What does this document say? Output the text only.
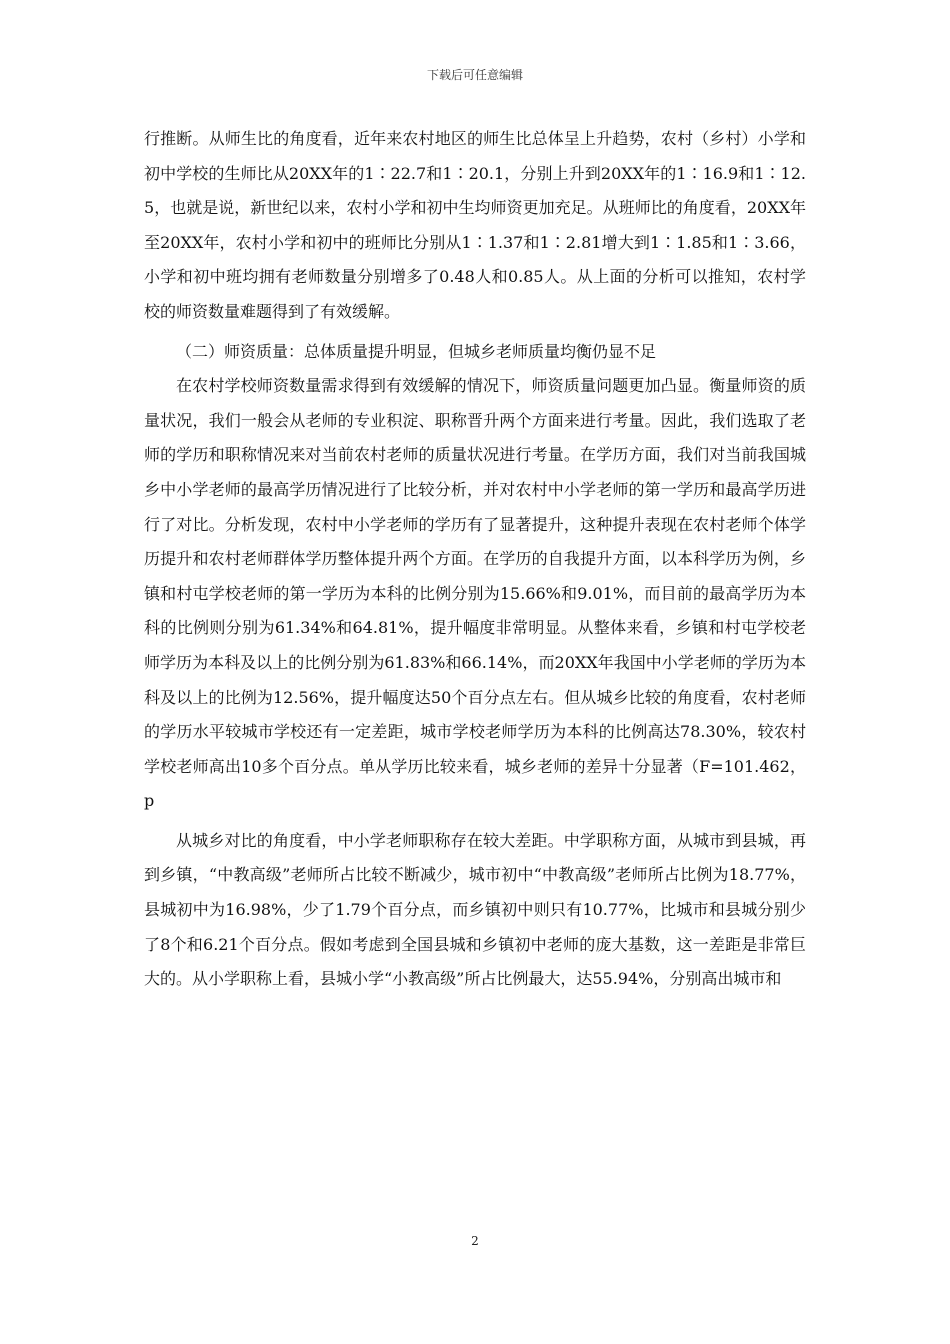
下载后可任意编辑

行推断。从师生比的角度看，近年来农村地区的师生比总体呈上升趋势，农村（乡村）小学和初中学校的生师比从20XX年的1∶22.7和1∶20.1，分别上升到20XX年的1∶16.9和1∶12.5，也就是说，新世纪以来，农村小学和初中生均师资更加充足。从班师比的角度看，20XX年至20XX年，农村小学和初中的班师比分别从1∶1.37和1∶2.81增大到1∶1.85和1∶3.66，小学和初中班均拥有老师数量分别增多了0.48人和0.85人。从上面的分析可以推知，农村学校的师资数量难题得到了有效缓解。

（二）师资质量：总体质量提升明显，但城乡老师质量均衡仍显不足

在农村学校师资数量需求得到有效缓解的情况下，师资质量问题更加凸显。衡量师资的质量状况，我们一般会从老师的专业积淀、职称晋升两个方面来进行考量。因此，我们选取了老师的学历和职称情况来对当前农村老师的质量状况进行考量。在学历方面，我们对当前我国城乡中小学老师的最高学历情况进行了比较分析，并对农村中小学老师的第一学历和最高学历进行了对比。分析发现，农村中小学老师的学历有了显著提升，这种提升表现在农村老师个体学历提升和农村老师群体学历整体提升两个方面。在学历的自我提升方面，以本科学历为例，乡镇和村屯学校老师的第一学历为本科的比例分别为15.66%和9.01%，而目前的最高学历为本科的比例则分别为61.34%和64.81%，提升幅度非常明显。从整体来看，乡镇和村屯学校老师学历为本科及以上的比例分别为61.83%和66.14%，而20XX年我国中小学老师的学历为本科及以上的比例为12.56%，提升幅度达50个百分点左右。但从城乡比较的角度看，农村老师的学历水平较城市学校还有一定差距，城市学校老师学历为本科的比例高达78.30%，较农村学校老师高出10多个百分点。单从学历比较来看，城乡老师的差异十分显著（F=101.462，p

从城乡对比的角度看，中小学老师职称存在较大差距。中学职称方面，从城市到县城，再到乡镇，“中教高级”老师所占比较不断减少，城市初中“中教高级”老师所占比例为18.77%，县城初中为16.98%，少了1.79个百分点，而乡镇初中则只有10.77%，比城市和县城分别少了8个和6.21个百分点。假如考虑到全国县城和乡镇初中老师的庞大基数，这一差距是非常巨大的。从小学职称上看，县城小学“小教高级”所占比例最大，达55.94%，分别高出城市和

2
